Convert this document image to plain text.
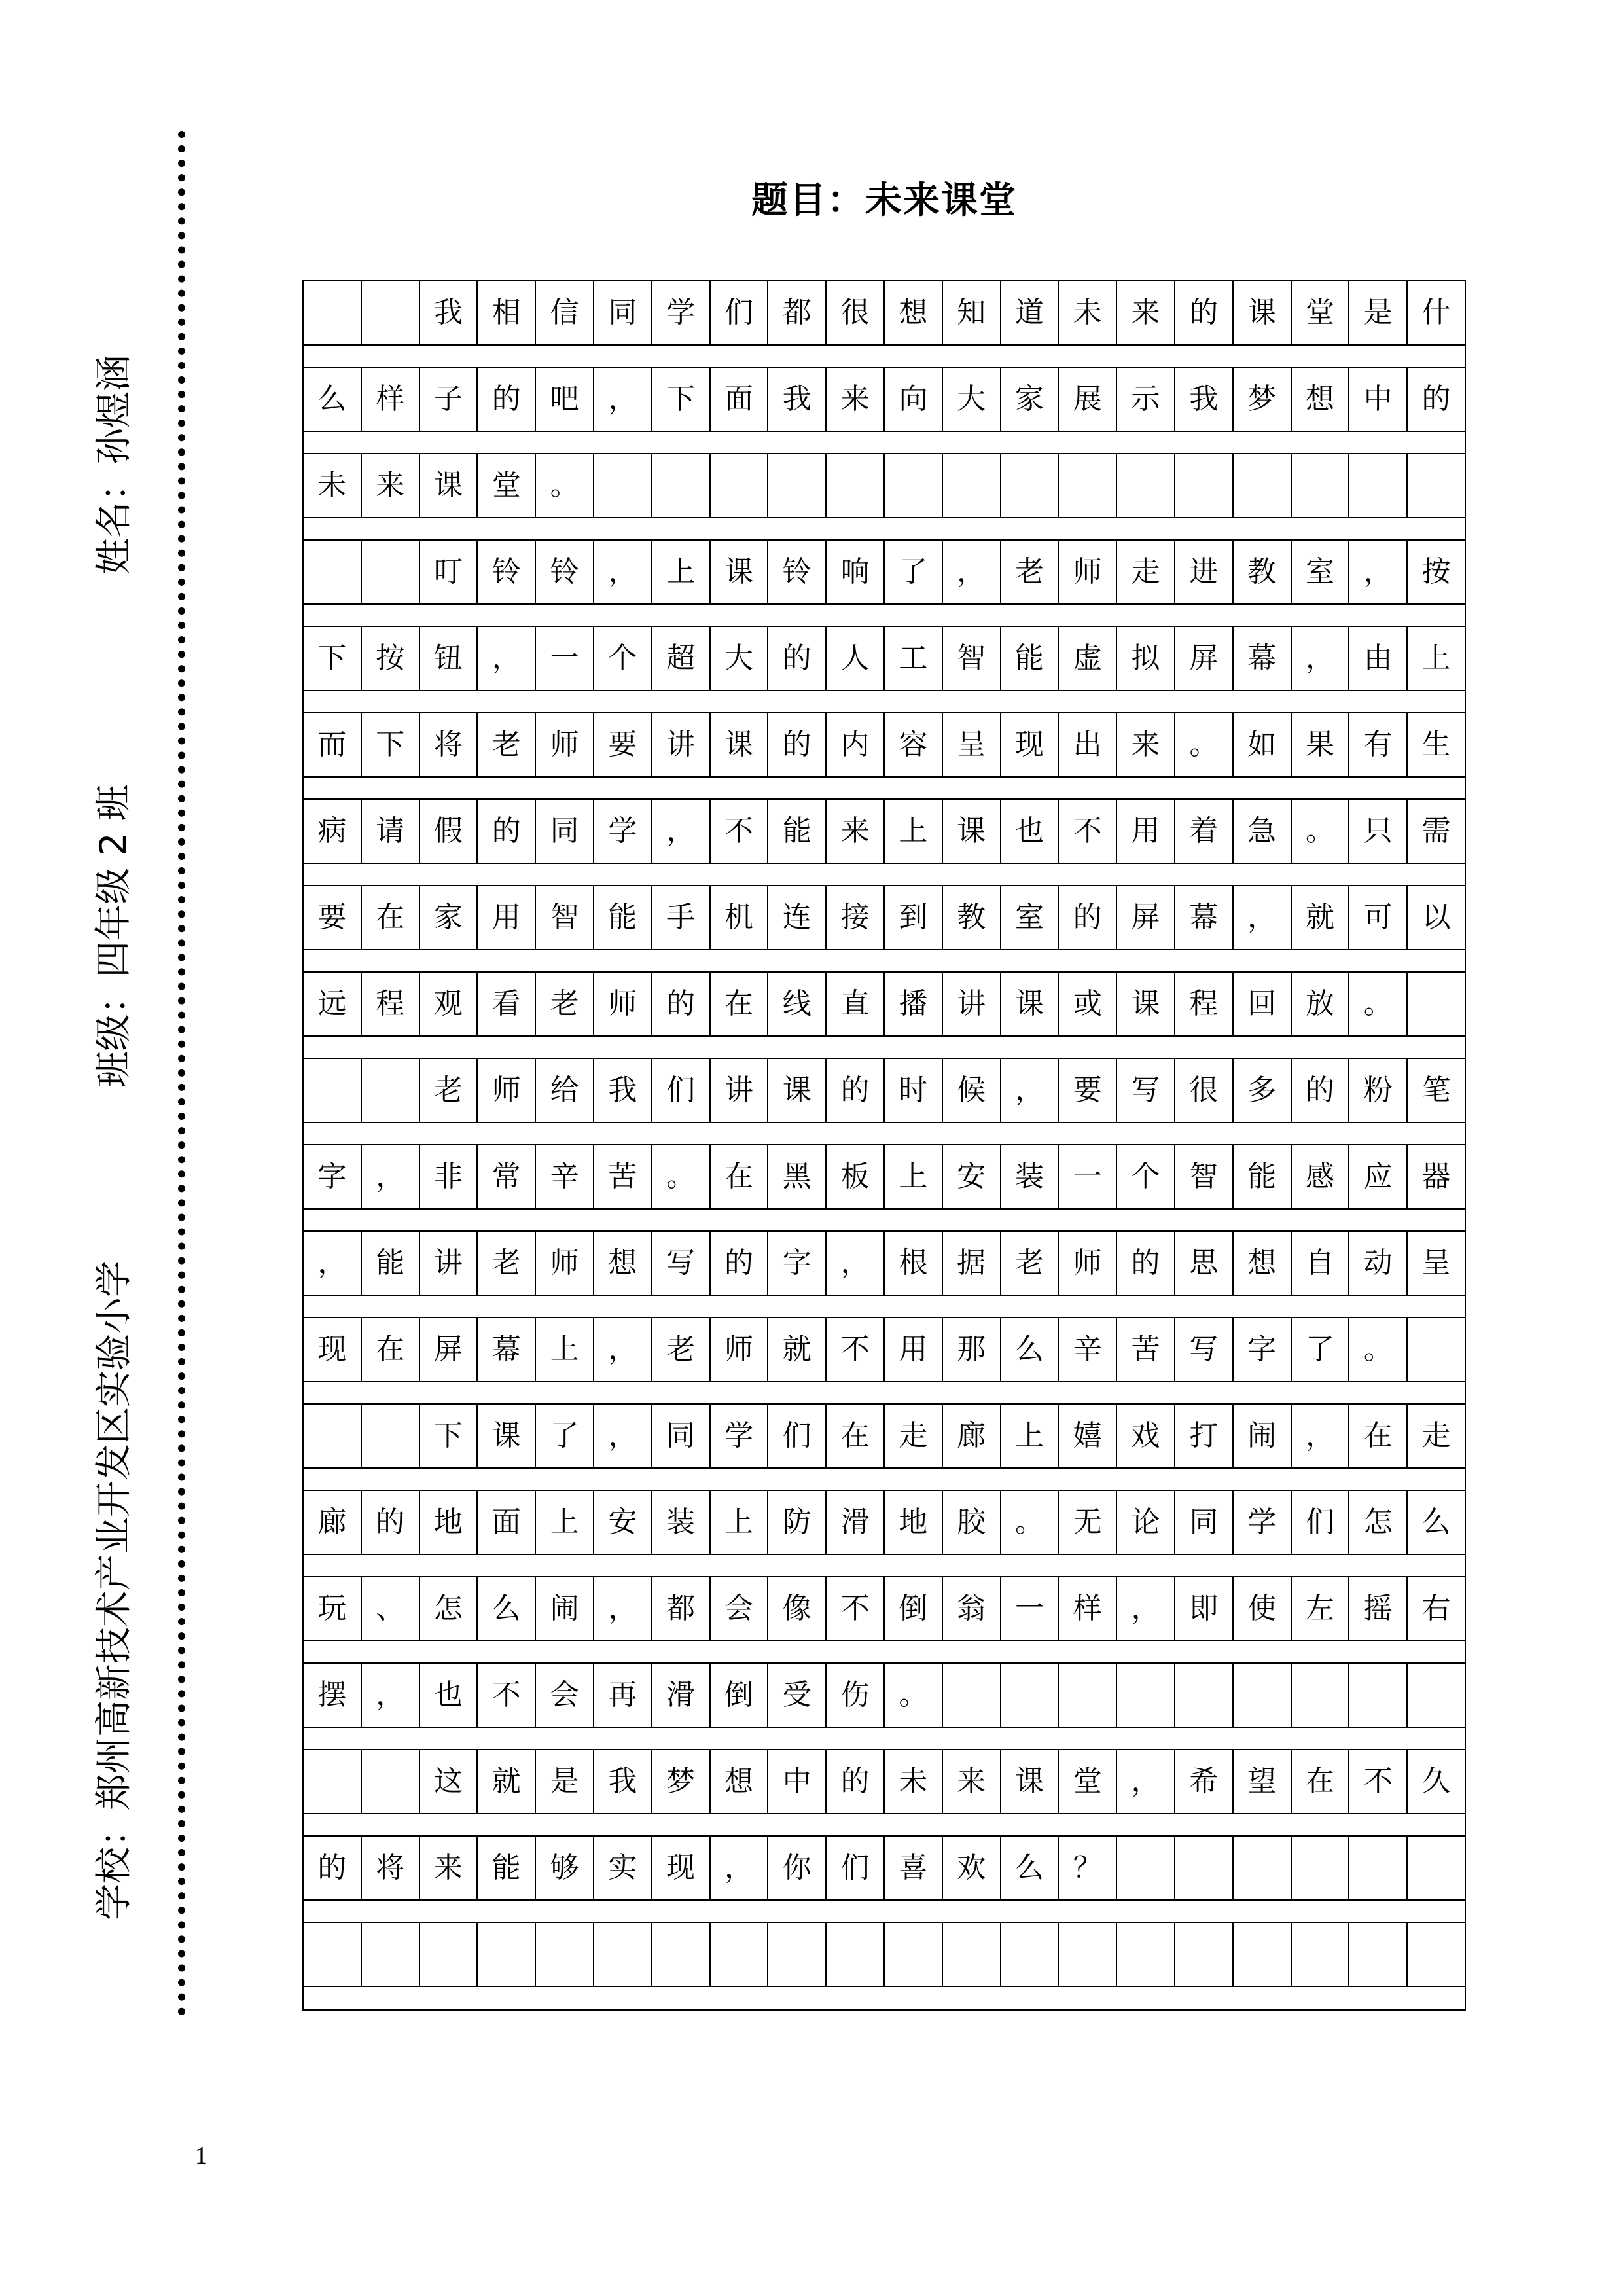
姓名：孙煜涵
班级：四年级 2 班
学校：郑州高新技术产业开发区实验小学
题目：未来课堂
我	相	信	同	学	们	都	很	想	知	道	未	来	的	课	堂	是	什
么	样	子	的	吧	，	下	面	我	来	向	大	家	展	示	我	梦	想	中	的
未	来	课	堂	。
叮	铃	铃	，	上	课	铃	响	了	，	老	师	走	进	教	室	，	按
下	按	钮	，	一	个	超	大	的	人	工	智	能	虚	拟	屏	幕	，	由	上
而	下	将	老	师	要	讲	课	的	内	容	呈	现	出	来	。	如	果	有	生
病	请	假	的	同	学	，	不	能	来	上	课	也	不	用	着	急	。	只	需
要	在	家	用	智	能	手	机	连	接	到	教	室	的	屏	幕	，	就	可	以
远	程	观	看	老	师	的	在	线	直	播	讲	课	或	课	程	回	放	。
老	师	给	我	们	讲	课	的	时	候	，	要	写	很	多	的	粉	笔
字	，	非	常	辛	苦	。	在	黑	板	上	安	装	一	个	智	能	感	应	器
，	能	讲	老	师	想	写	的	字	，	根	据	老	师	的	思	想	自	动	呈
现	在	屏	幕	上	，	老	师	就	不	用	那	么	辛	苦	写	字	了	。
下	课	了	，	同	学	们	在	走	廊	上	嬉	戏	打	闹	，	在	走
廊	的	地	面	上	安	装	上	防	滑	地	胶	。	无	论	同	学	们	怎	么
玩	、	怎	么	闹	，	都	会	像	不	倒	翁	一	样	，	即	使	左	摇	右
摆	，	也	不	会	再	滑	倒	受	伤	。
这	就	是	我	梦	想	中	的	未	来	课	堂	，	希	望	在	不	久
的	将	来	能	够	实	现	，	你	们	喜	欢	么	？
1
